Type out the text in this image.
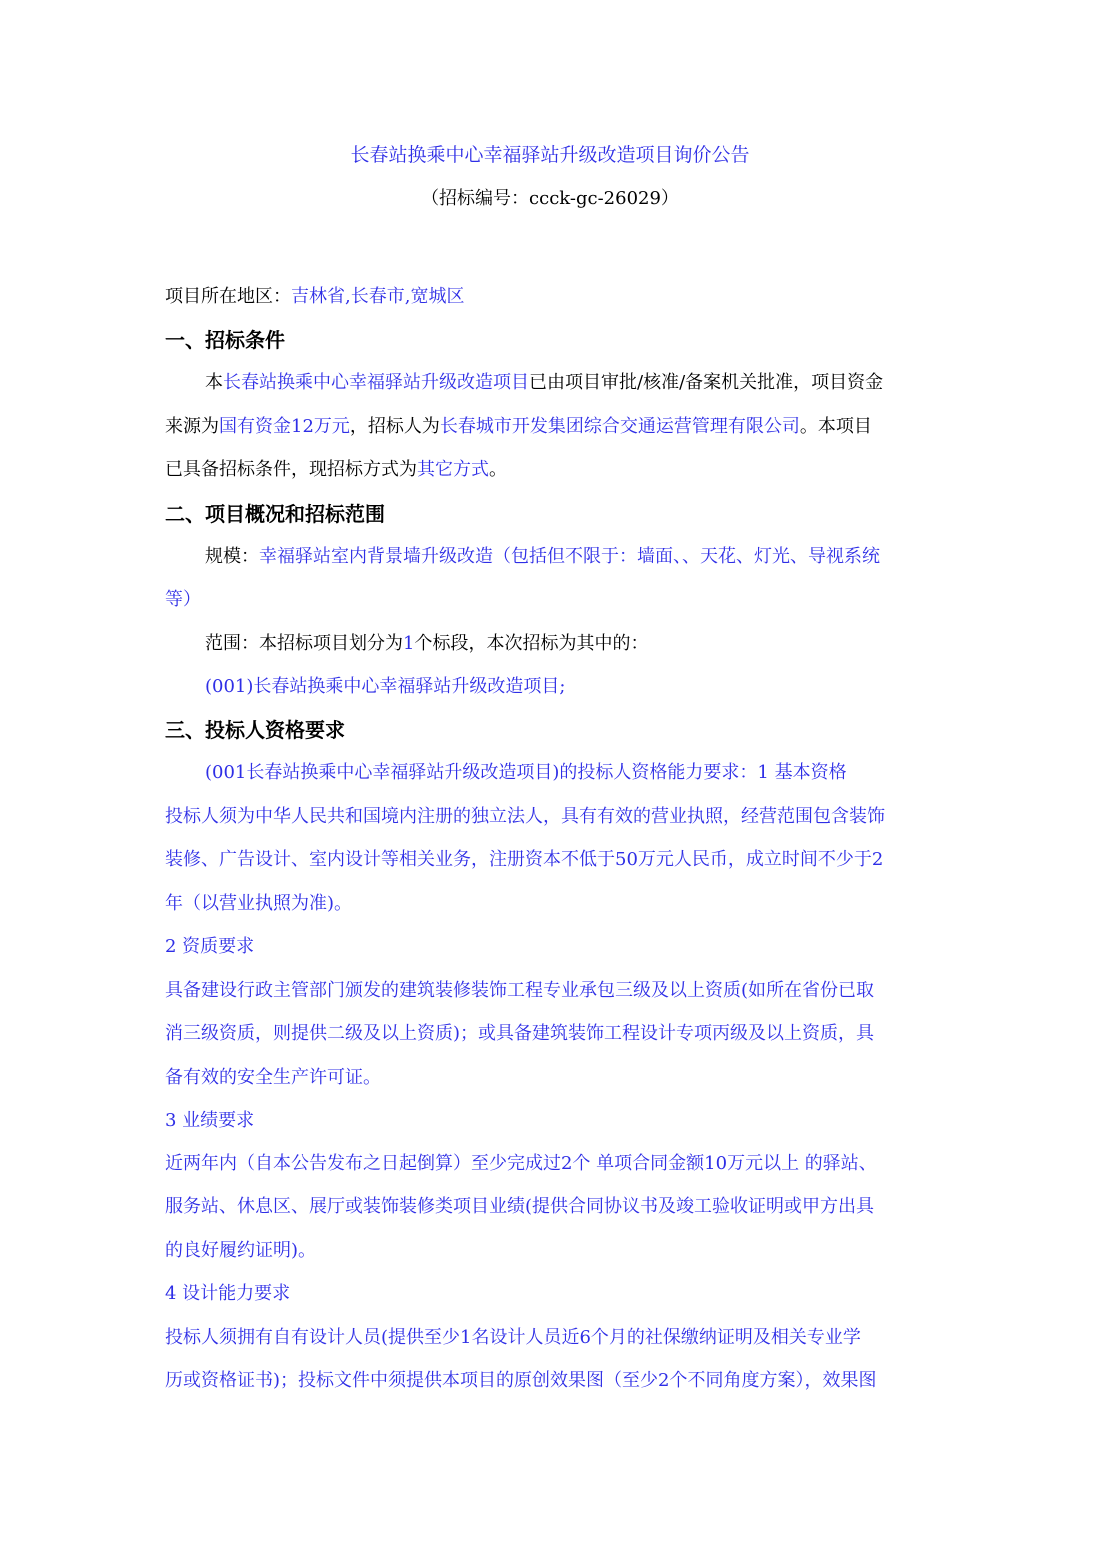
长春站换乘中心幸福驿站升级改造项目询价公告
（招标编号：ccck-gc-26029）
项目所在地区：吉林省,长春市,宽城区
一、招标条件
本长春站换乘中心幸福驿站升级改造项目已由项目审批/核准/备案机关批准，项目资金
来源为国有资金12万元，招标人为长春城市开发集团综合交通运营管理有限公司。本项目
已具备招标条件，现招标方式为其它方式。
二、项目概况和招标范围
规模：幸福驿站室内背景墙升级改造（包括但不限于：墙面、、天花、灯光、导视系统
等）
范围：本招标项目划分为1个标段，本次招标为其中的：
(001)长春站换乘中心幸福驿站升级改造项目;
三、投标人资格要求
(001长春站换乘中心幸福驿站升级改造项目)的投标人资格能力要求：1 基本资格
投标人须为中华人民共和国境内注册的独立法人，具有有效的营业执照，经营范围包含装饰
装修、广告设计、室内设计等相关业务，注册资本不低于50万元人民币，成立时间不少于2
年（以营业执照为准)。
2 资质要求
具备建设行政主管部门颁发的建筑装修装饰工程专业承包三级及以上资质(如所在省份已取
消三级资质，则提供二级及以上资质)；或具备建筑装饰工程设计专项丙级及以上资质，具
备有效的安全生产许可证。
3 业绩要求
近两年内（自本公告发布之日起倒算）至少完成过2个 单项合同金额10万元以上 的驿站、
服务站、休息区、展厅或装饰装修类项目业绩(提供合同协议书及竣工验收证明或甲方出具
的良好履约证明)。
4 设计能力要求
投标人须拥有自有设计人员(提供至少1名设计人员近6个月的社保缴纳证明及相关专业学
历或资格证书)；投标文件中须提供本项目的原创效果图（至少2个不同角度方案），效果图
